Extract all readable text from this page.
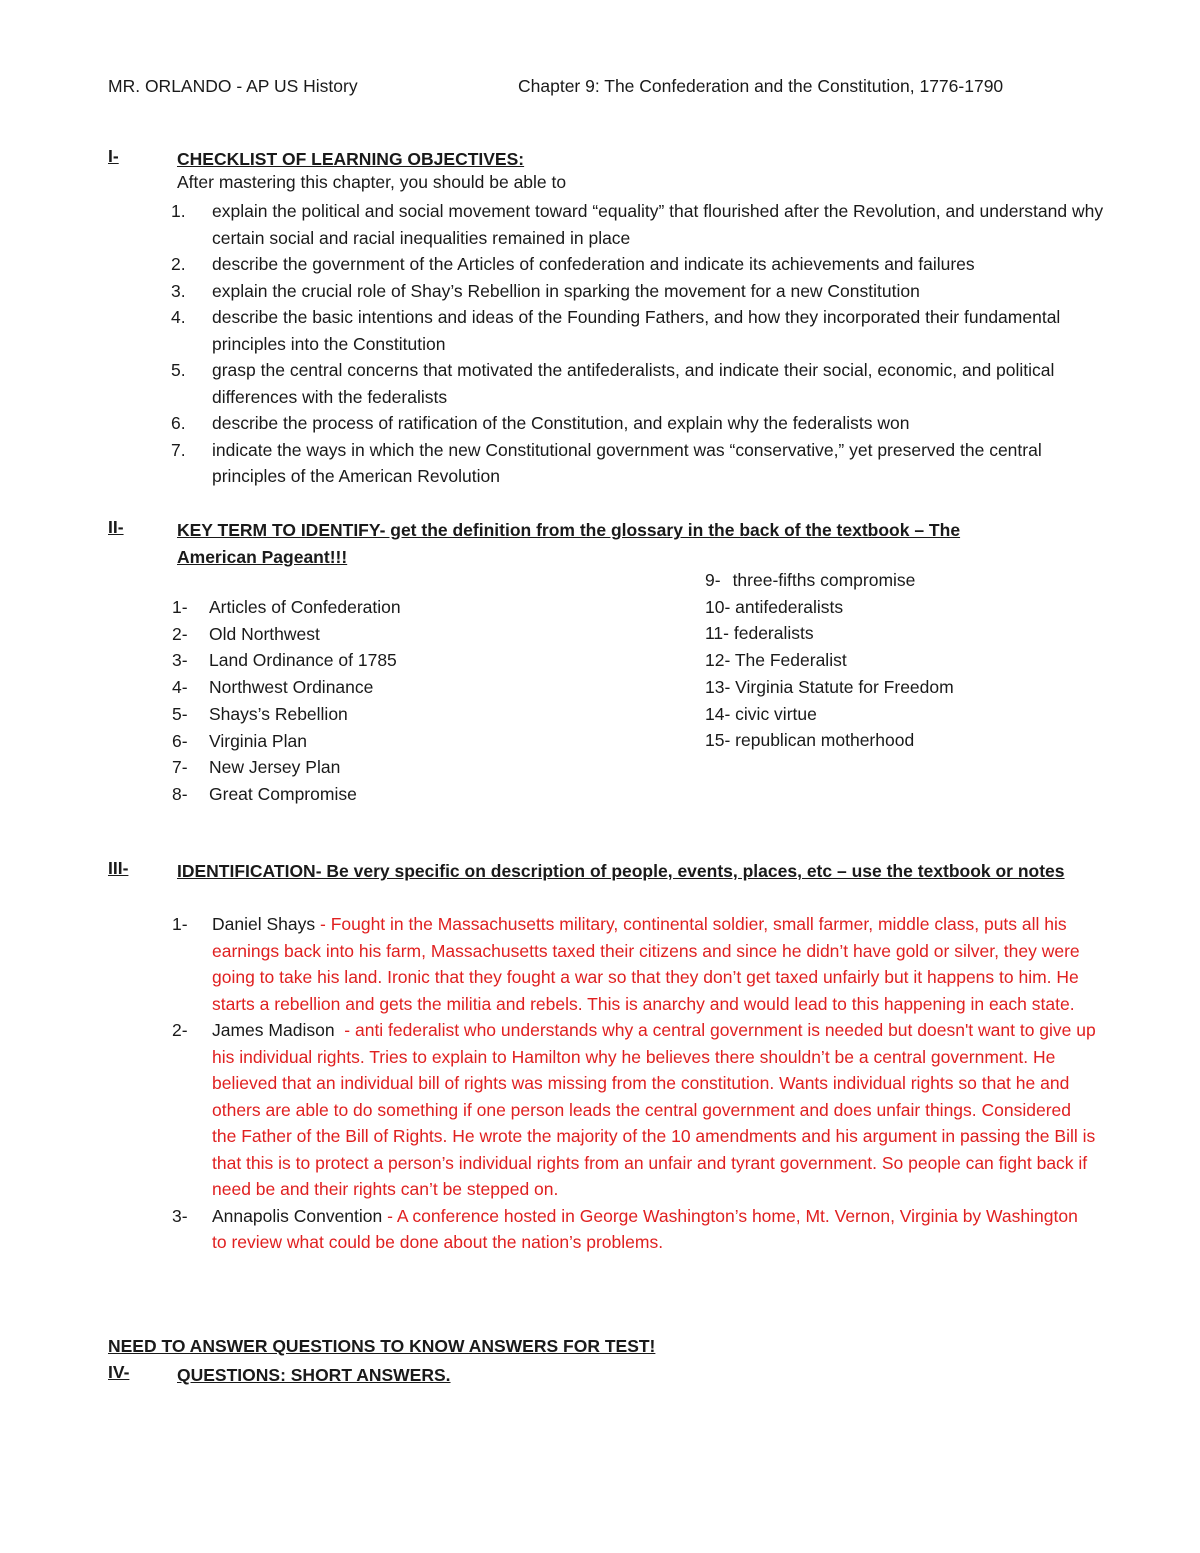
MR. ORLANDO - AP US History	Chapter 9: The Confederation and the Constitution, 1776-1790
I-	CHECKLIST OF LEARNING OBJECTIVES:
After mastering this chapter, you should be able to
1. explain the political and social movement toward “equality” that flourished after the Revolution, and understand why certain social and racial inequalities remained in place
2. describe the government of the Articles of confederation and indicate its achievements and failures
3. explain the crucial role of Shay’s Rebellion in sparking the movement for a new Constitution
4. describe the basic intentions and ideas of the Founding Fathers, and how they incorporated their fundamental principles into the Constitution
5. grasp the central concerns that motivated the antifederalists, and indicate their social, economic, and political differences with the federalists
6. describe the process of ratification of the Constitution, and explain why the federalists won
7. indicate the ways in which the new Constitutional government was “conservative,” yet preserved the central principles of the American Revolution
II-	KEY TERM TO IDENTIFY- get the definition from the glossary in the back of the textbook – The American Pageant!!!
1- Articles of Confederation
2- Old Northwest
3- Land Ordinance of 1785
4- Northwest Ordinance
5- Shays’s Rebellion
6- Virginia Plan
7- New Jersey Plan
8- Great Compromise
9- three-fifths compromise
10- antifederalists
11- federalists
12- The Federalist
13- Virginia Statute for Freedom
14- civic virtue
15- republican motherhood
III-	IDENTIFICATION- Be very specific on description of people, events, places, etc – use the textbook or notes
1- Daniel Shays - Fought in the Massachusetts military, continental soldier, small farmer, middle class, puts all his earnings back into his farm, Massachusetts taxed their citizens and since he didn’t have gold or silver, they were going to take his land. Ironic that they fought a war so that they don’t get taxed unfairly but it happens to him. He starts a rebellion and gets the militia and rebels. This is anarchy and would lead to this happening in each state.
2- James Madison  - anti federalist who understands why a central government is needed but doesn't want to give up his individual rights. Tries to explain to Hamilton why he believes there shouldn’t be a central government. He believed that an individual bill of rights was missing from the constitution. Wants individual rights so that he and others are able to do something if one person leads the central government and does unfair things. Considered the Father of the Bill of Rights. He wrote the majority of the 10 amendments and his argument in passing the Bill is that this is to protect a person’s individual rights from an unfair and tyrant government. So people can fight back if need be and their rights can’t be stepped on.
3- Annapolis Convention - A conference hosted in George Washington’s home, Mt. Vernon, Virginia by Washington to review what could be done about the nation’s problems.
NEED TO ANSWER QUESTIONS TO KNOW ANSWERS FOR TEST!
IV-	QUESTIONS: SHORT ANSWERS.
